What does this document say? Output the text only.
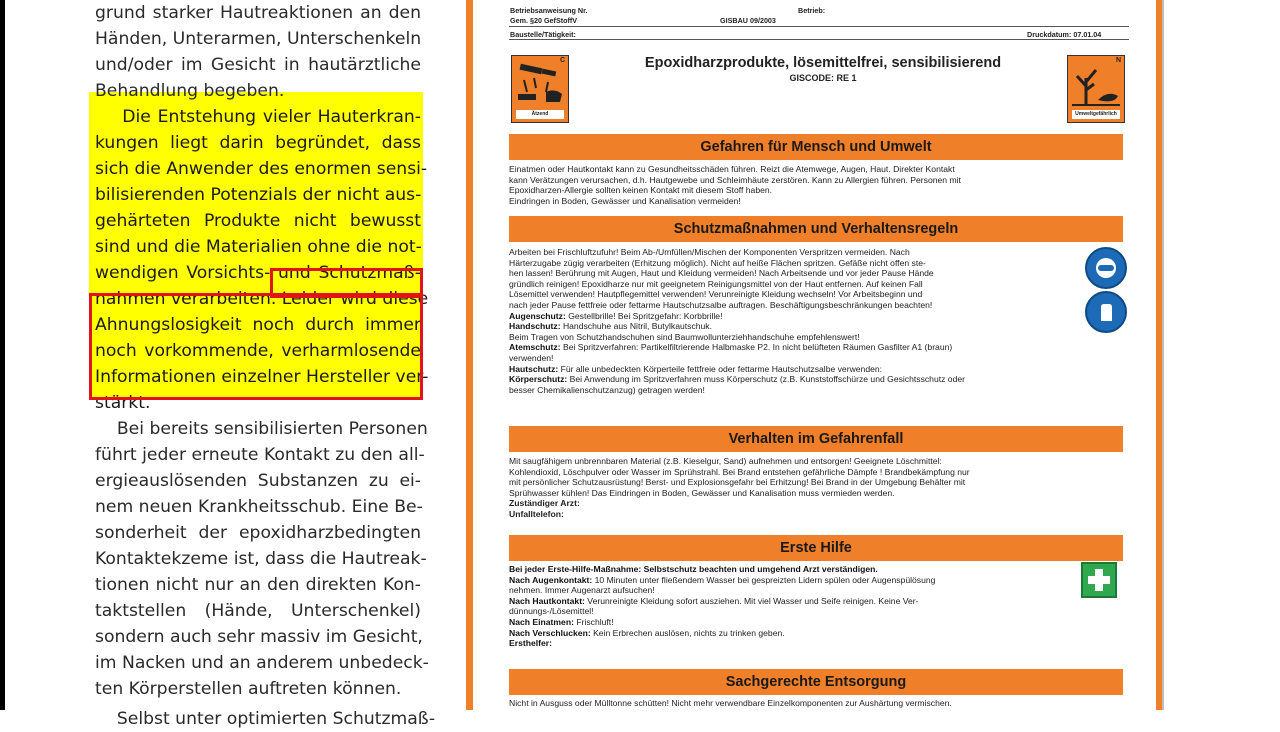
grund starker Hautreaktionen an den
Händen, Unterarmen, Unterschenkeln
und/oder im Gesicht in hautärztliche
Behandlung begeben.
Die Entstehung vieler Hauterkran-
kungen liegt darin begründet, dass
sich die Anwender des enormen sensi-
bilisierenden Potenzials der nicht aus-
gehärteten Produkte nicht bewusst
sind und die Materialien ohne die not-
wendigen Vorsichts- und Schutzmaß-
nahmen verarbeiten. Leider wird diese
Ahnungslosigkeit noch durch immer
noch vorkommende, verharmlosende
Informationen einzelner Hersteller ver-
stärkt.
Bei bereits sensibilisierten Personen
führt jeder erneute Kontakt zu den all-
ergieauslösenden Substanzen zu ei-
nem neuen Krankheitsschub. Eine Be-
sonderheit der epoxidharzbedingten
Kontaktekzeme ist, dass die Hautreak-
tionen nicht nur an den direkten Kon-
taktstellen (Hände, Unterschenkel)
sondern auch sehr massiv im Gesicht,
im Nacken und an anderem unbedeck-
ten Körperstellen auftreten können.
Selbst unter optimierten Schutzmaß-
Betriebsanweisung Nr.
Gem. §20 GefStoffV	GISBAU 09/2003
Betrieb:
Baustelle/Tätigkeit:	Druckdatum: 07.01.04
C
Ätzend
Epoxidharzprodukte, lösemittelfrei, sensibilisierend
GISCODE: RE 1
N
Umweltgefährlich
Gefahren für Mensch und Umwelt
Einatmen oder Hautkontakt kann zu Gesundheitsschäden führen. Reizt die Atemwege, Augen, Haut. Direkter Kontakt
kann Verätzungen verursachen, d.h. Hautgewebe und Schleimhäute zerstören. Kann zu Allergien führen. Personen mit
Epoxidharzen-Allergie sollten keinen Kontakt mit diesem Stoff haben.
Eindringen in Boden, Gewässer und Kanalisation vermeiden!
Schutzmaßnahmen und Verhaltensregeln
Arbeiten bei Frischluftzufuhr! Beim Ab-/Umfüllen/Mischen der Komponenten Verspritzen vermeiden. Nach
Härterzugabe zügig verarbeiten (Erhitzung möglich). Nicht auf heiße Flächen spritzen. Gefäße nicht offen ste-
hen lassen! Berührung mit Augen, Haut und Kleidung vermeiden! Nach Arbeitsende und vor jeder Pause Hände
gründlich reinigen! Epoxidharze nur mit geeignetem Reinigungsmittel von der Haut entfernen. Auf keinen Fall
Lösemittel verwenden! Hautpflegemittel verwenden! Verunreinigte Kleidung wechseln! Vor Arbeitsbeginn und
nach jeder Pause fettfreie oder fettarme Hautschutzsalbe auftragen. Beschäftigungsbeschränkungen beachten!
Augenschutz: Gestellbrille! Bei Spritzgefahr: Korbbrille!
Handschutz: Handschuhe aus Nitril, Butylkautschuk.
Beim Tragen von Schutzhandschuhen sind Baumwollunterziehhandschuhe empfehlenswert!
Atemschutz: Bei Spritzverfahren: Partikelfiltrierende Halbmaske P2. In nicht belüfteten Räumen Gasfilter A1 (braun)
verwenden!
Hautschutz: Für alle unbedeckten Körperteile fettfreie oder fettarme Hautschutzsalbe verwenden:
Körperschutz: Bei Anwendung im Spritzverfahren muss Körperschutz (z.B. Kunststoffschürze und Gesichtsschutz oder
besser Chemikalienschutzanzug) getragen werden!
Verhalten im Gefahrenfall
Mit saugfähigem unbrennbaren Material (z.B. Kieselgur, Sand) aufnehmen und entsorgen! Geeignete Löschmittel:
Kohlendioxid, Löschpulver oder Wasser im Sprühstrahl. Bei Brand entstehen gefährliche Dämpfe ! Brandbekämpfung nur
mit persönlicher Schutzausrüstung! Berst- und Explosionsgefahr bei Erhitzung! Bei Brand in der Umgebung Behälter mit
Sprühwasser kühlen! Das Eindringen in Boden, Gewässer und Kanalisation muss vermieden werden.
Zuständiger Arzt:
Unfalltelefon:
Erste Hilfe
Bei jeder Erste-Hilfe-Maßnahme: Selbstschutz beachten und umgehend Arzt verständigen.
Nach Augenkontakt: 10 Minuten unter fließendem Wasser bei gespreizten Lidern spülen oder Augenspülösung
nehmen. Immer Augenarzt aufsuchen!
Nach Hautkontakt: Verunreinigte Kleidung sofort ausziehen. Mit viel Wasser und Seife reinigen. Keine Ver-
dünnungs-/Lösemittel!
Nach Einatmen: Frischluft!
Nach Verschlucken: Kein Erbrechen auslösen, nichts zu trinken geben.
Ersthelfer:
Sachgerechte Entsorgung
Nicht in Ausguss oder Mülltonne schütten! Nicht mehr verwendbare Einzelkomponenten zur Aushärtung vermischen.
